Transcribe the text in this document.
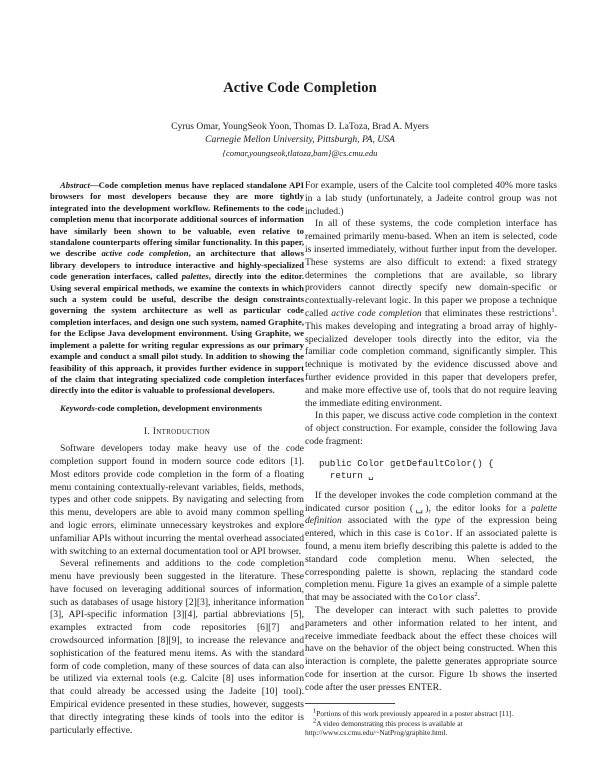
Active Code Completion
Cyrus Omar, YoungSeok Yoon, Thomas D. LaToza, Brad A. Myers
Carnegie Mellon University, Pittsburgh, PA, USA
{comar,youngseok,tlatoza,bam}@cs.cmu.edu

Abstract—Code completion menus have replaced standalone API browsers for most developers because they are more tightly integrated into the development workflow. Refinements to the code completion menu that incorporate additional sources of information have similarly been shown to be valuable, even relative to standalone counterparts offering similar functionality. In this paper, we describe active code completion, an architecture that allows library developers to introduce interactive and highly-specialized code generation interfaces, called palettes, directly into the editor. Using several empirical methods, we examine the contexts in which such a system could be useful, describe the design constraints governing the system architecture as well as particular code completion interfaces, and design one such system, named Graphite, for the Eclipse Java development environment. Using Graphite, we implement a palette for writing regular expressions as our primary example and conduct a small pilot study. In addition to showing the feasibility of this approach, it provides further evidence in support of the claim that integrating specialized code completion interfaces directly into the editor is valuable to professional developers.

Keywords-code completion, development environments

I. Introduction

Software developers today make heavy use of the code completion support found in modern source code editors [1]. Most editors provide code completion in the form of a floating menu containing contextually-relevant variables, fields, methods, types and other code snippets. By navigating and selecting from this menu, developers are able to avoid many common spelling and logic errors, eliminate unnecessary keystrokes and explore unfamiliar APIs without incurring the mental overhead associated with switching to an external documentation tool or API browser.

Several refinements and additions to the code completion menu have previously been suggested in the literature. These have focused on leveraging additional sources of information, such as databases of usage history [2][3], inheritance information [3], API-specific information [3][4], partial abbreviations [5], examples extracted from code repositories [6][7] and crowdsourced information [8][9], to increase the relevance and sophistication of the featured menu items. As with the standard form of code completion, many of these sources of data can also be utilized via external tools (e.g. Calcite [8] uses information that could already be accessed using the Jadeite [10] tool). Empirical evidence presented in these studies, however, suggests that directly integrating these kinds of tools into the editor is particularly effective.

For example, users of the Calcite tool completed 40% more tasks in a lab study (unfortunately, a Jadeite control group was not included.)

In all of these systems, the code completion interface has remained primarily menu-based. When an item is selected, code is inserted immediately, without further input from the developer. These systems are also difficult to extend: a fixed strategy determines the completions that are available, so library providers cannot directly specify new domain-specific or contextually-relevant logic. In this paper we propose a technique called active code completion that eliminates these restrictions$^1$. This makes developing and integrating a broad array of highly-specialized developer tools directly into the editor, via the familiar code completion command, significantly simpler. This technique is motivated by the evidence discussed above and further evidence provided in this paper that developers prefer, and make more effective use of, tools that do not require leaving the immediate editing environment.

In this paper, we discuss active code completion in the context of object construction. For example, consider the following Java code fragment:

public Color getDefaultColor() {
return ␣

If the developer invokes the code completion command at the indicated cursor position (␣), the editor looks for a palette definition associated with the type of the expression being entered, which in this case is Color. If an associated palette is found, a menu item briefly describing this palette is added to the standard code completion menu. When selected, the corresponding palette is shown, replacing the standard code completion menu. Figure 1a gives an example of a simple palette that may be associated with the Color class$^2$.

The developer can interact with such palettes to provide parameters and other information related to her intent, and receive immediate feedback about the effect these choices will have on the behavior of the object being constructed. When this interaction is complete, the palette generates appropriate source code for insertion at the cursor. Figure 1b shows the inserted code after the user presses ENTER.

$^1$Portions of this work previously appeared in a poster abstract [11].

$^2$A video demonstrating this process is available at http://www.cs.cmu.edu/~NatProg/graphite.html.
